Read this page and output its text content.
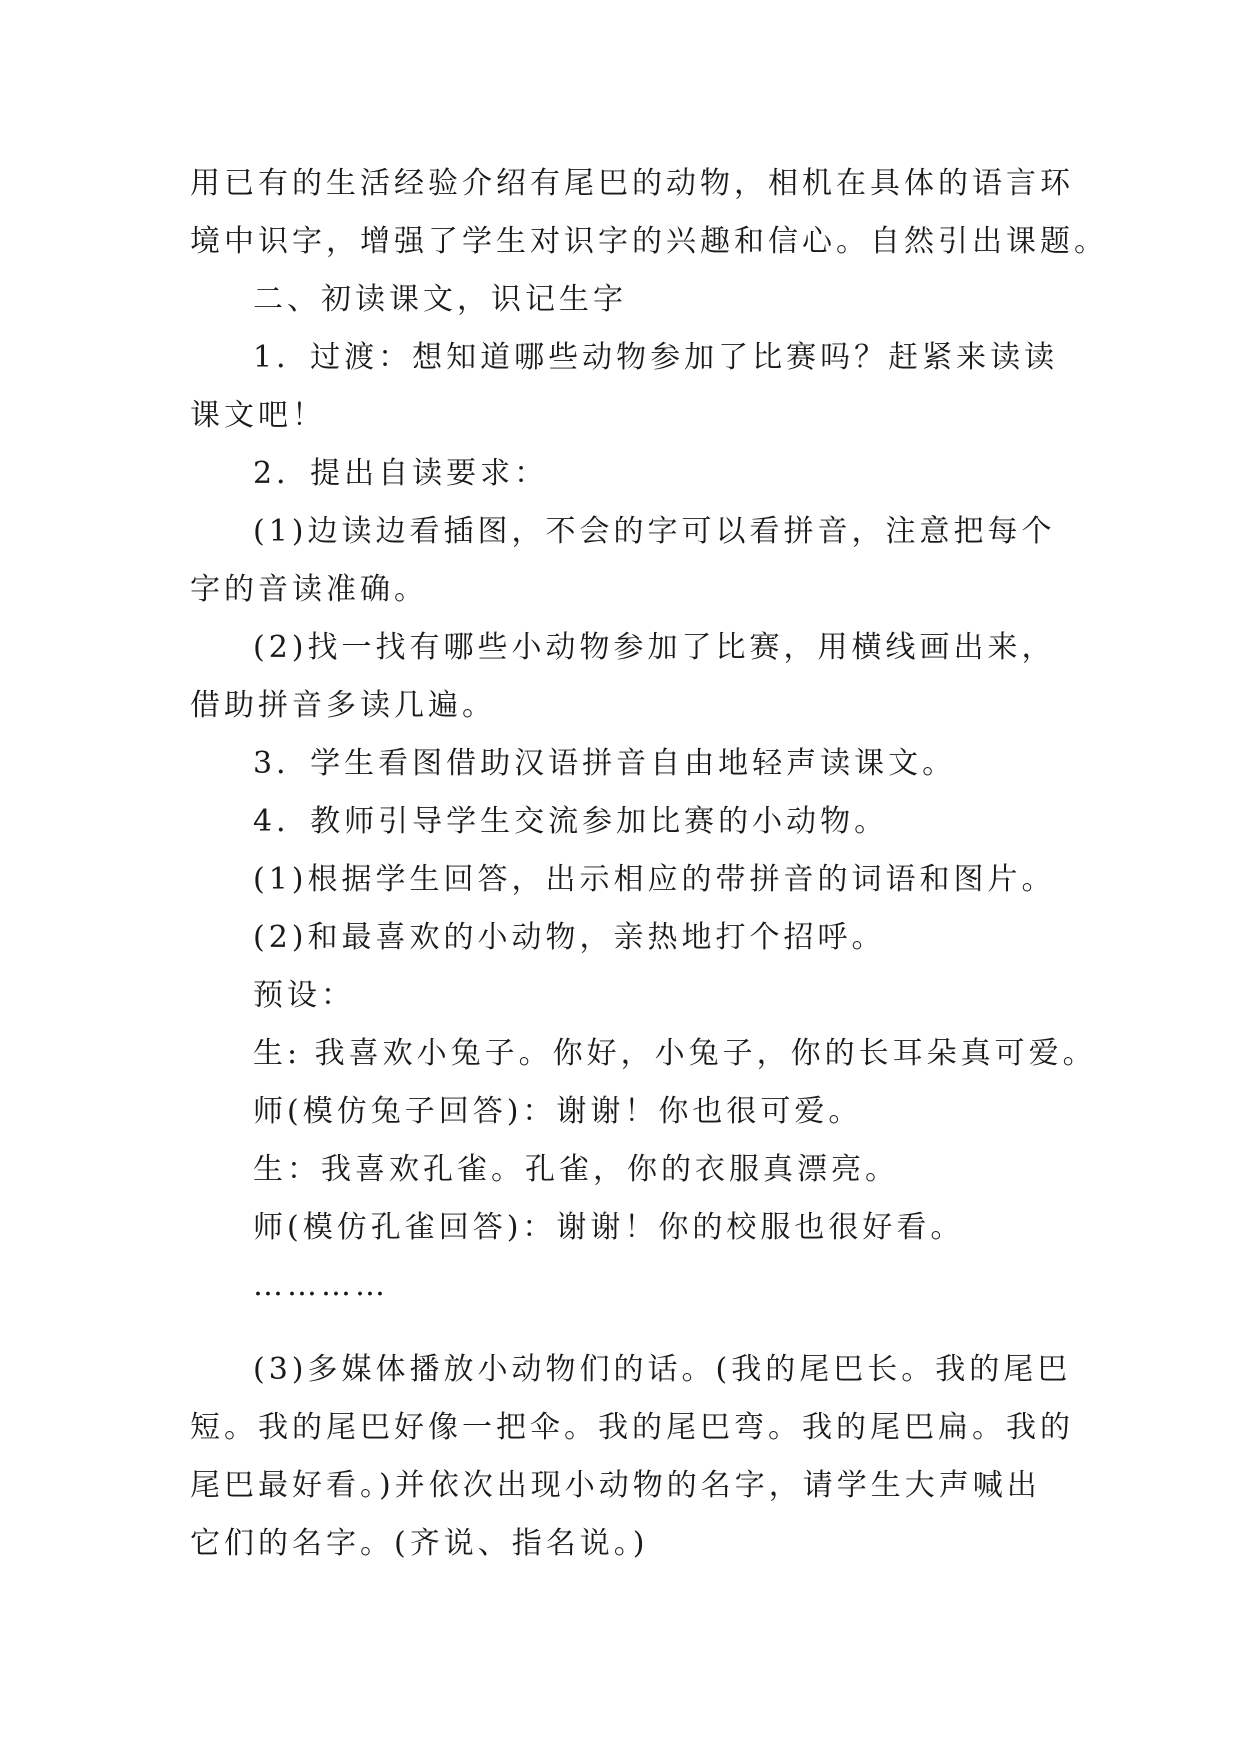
用已有的生活经验介绍有尾巴的动物，相机在具体的语言环
境中识字，增强了学生对识字的兴趣和信心。自然引出课题。
二、初读课文，识记生字
1．过渡：想知道哪些动物参加了比赛吗？赶紧来读读
课文吧！
2．提出自读要求：
(1)边读边看插图，不会的字可以看拼音，注意把每个
字的音读准确。
(2)找一找有哪些小动物参加了比赛，用横线画出来，
借助拼音多读几遍。
3．学生看图借助汉语拼音自由地轻声读课文。
4．教师引导学生交流参加比赛的小动物。
(1)根据学生回答，出示相应的带拼音的词语和图片。
(2)和最喜欢的小动物，亲热地打个招呼。
预设：
生: 我喜欢小兔子。你好，小兔子，你的长耳朵真可爱。
师(模仿兔子回答)：谢谢！你也很可爱。
生：我喜欢孔雀。孔雀，你的衣服真漂亮。
师(模仿孔雀回答)：谢谢！你的校服也很好看。
…………
(3)多媒体播放小动物们的话。(我的尾巴长。我的尾巴
短。我的尾巴好像一把伞。我的尾巴弯。我的尾巴扁。我的
尾巴最好看。)并依次出现小动物的名字，请学生大声喊出
它们的名字。(齐说、指名说。)
